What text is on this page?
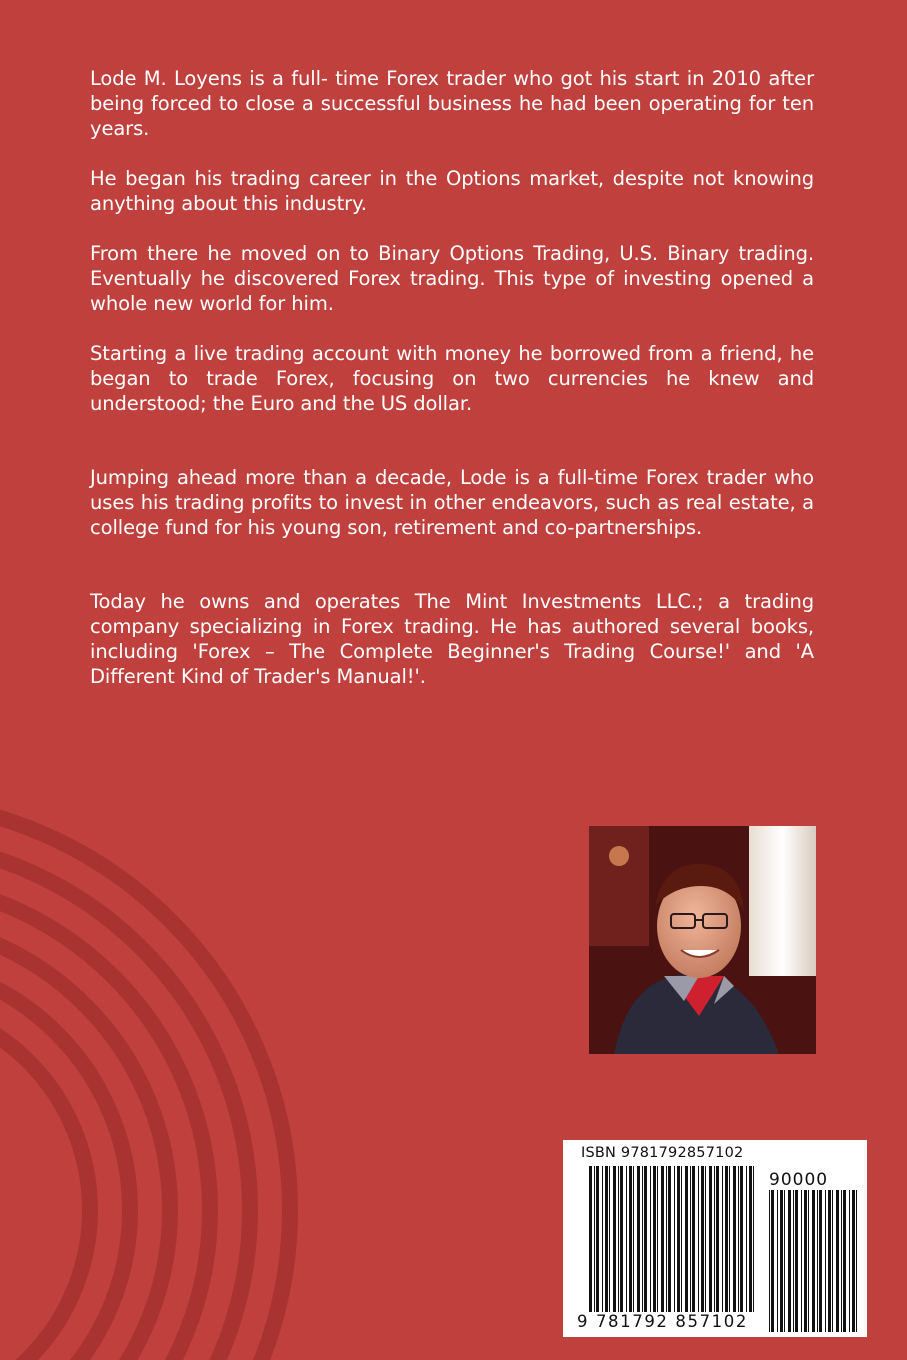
Lode M. Loyens is a full- time Forex trader who got his start in 2010 after being forced to close a successful business he had been operating for ten years.

He began his trading career in the Options market, despite not knowing anything about this industry.

From there he moved on to Binary Options Trading, U.S. Binary trading. Eventually he discovered Forex trading. This type of investing opened a whole new world for him.

Starting a live trading account with money he borrowed from a friend, he began to trade Forex, focusing on two currencies he knew and understood; the Euro and the US dollar.

Jumping ahead more than a decade, Lode is a full-time Forex trader who uses his trading profits to invest in other endeavors, such as real estate, a college fund for his young son, retirement and co-partnerships.

Today he owns and operates The Mint Investments LLC.; a trading company specializing in Forex trading. He has authored several books, including 'Forex – The Complete Beginner's Trading Course!' and 'A Different Kind of Trader's Manual!'.

ISBN 9781792857102
90000
9 781792 857102
